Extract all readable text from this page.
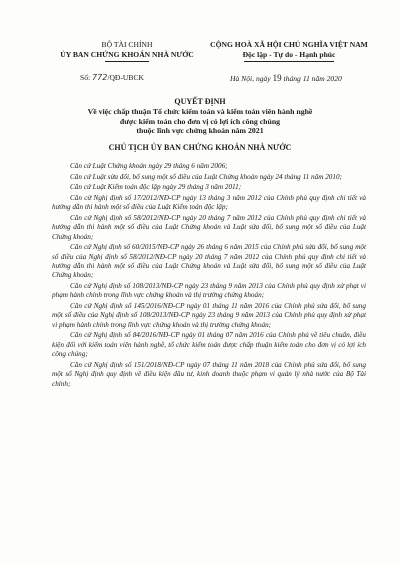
BỘ TÀI CHÍNH
ỦY BAN CHỨNG KHOÁN NHÀ NƯỚC
CỘNG HOÀ XÃ HỘI CHỦ NGHĨA VIỆT NAM
Độc lập - Tự do - Hạnh phúc
Số: 772/QĐ-UBCK	Hà Nội, ngày 19 tháng 11 năm 2020
QUYẾT ĐỊNH
Về việc chấp thuận Tổ chức kiểm toán và kiểm toán viên hành nghề
được kiểm toán cho đơn vị có lợi ích công chúng
thuộc lĩnh vực chứng khoán năm 2021
CHỦ TỊCH ỦY BAN CHỨNG KHOÁN NHÀ NƯỚC

Căn cứ Luật Chứng khoán ngày 29 tháng 6 năm 2006;

Căn cứ Luật sửa đổi, bổ sung một số điều của Luật Chứng khoán ngày 24 tháng 11 năm 2010;

Căn cứ Luật Kiểm toán độc lập ngày 29 tháng 3 năm 2011;

Căn cứ Nghị định số 17/2012/NĐ-CP ngày 13 tháng 3 năm 2012 của Chính phủ quy định chi tiết và hướng dẫn thi hành một số điều của Luật Kiểm toán độc lập;

Căn cứ Nghị định số 58/2012/NĐ-CP ngày 20 tháng 7 năm 2012 của Chính phủ quy định chi tiết và hướng dẫn thi hành một số điều của Luật Chứng khoán và Luật sửa đổi, bổ sung một số điều của Luật Chứng khoán;

Căn cứ Nghị định số 60/2015/NĐ-CP ngày 26 tháng 6 năm 2015 của Chính phủ sửa đổi, bổ sung một số điều của Nghị định số 58/2012/NĐ-CP ngày 20 tháng 7 năm 2012 của Chính phủ quy định chi tiết và hướng dẫn thi hành một số điều của Luật Chứng khoán và Luật sửa đổi, bổ sung một số điều của Luật Chứng khoán;

Căn cứ Nghị định số 108/2013/NĐ-CP ngày 23 tháng 9 năm 2013 của Chính phủ quy định xử phạt vi phạm hành chính trong lĩnh vực chứng khoán và thị trường chứng khoán;

Căn cứ Nghị định số 145/2016/NĐ-CP ngày 01 tháng 11 năm 2016 của Chính phủ sửa đổi, bổ sung một số điều của Nghị định số 108/2013/NĐ-CP ngày 23 tháng 9 năm 2013 của Chính phủ quy định xử phạt vi phạm hành chính trong lĩnh vực chứng khoán và thị trường chứng khoán;

Căn cứ Nghị định số 84/2016/NĐ-CP ngày 01 tháng 07 năm 2016 của Chính phủ về tiêu chuẩn, điều kiện đối với kiểm toán viên hành nghề, tổ chức kiểm toán được chấp thuận kiểm toán cho đơn vị có lợi ích công chúng;

Căn cứ Nghị định số 151/2018/NĐ-CP ngày 07 tháng 11 năm 2018 của Chính phủ sửa đổi, bổ sung một số Nghị định quy định về điều kiện đầu tư, kinh doanh thuộc phạm vi quản lý nhà nước của Bộ Tài chính;
